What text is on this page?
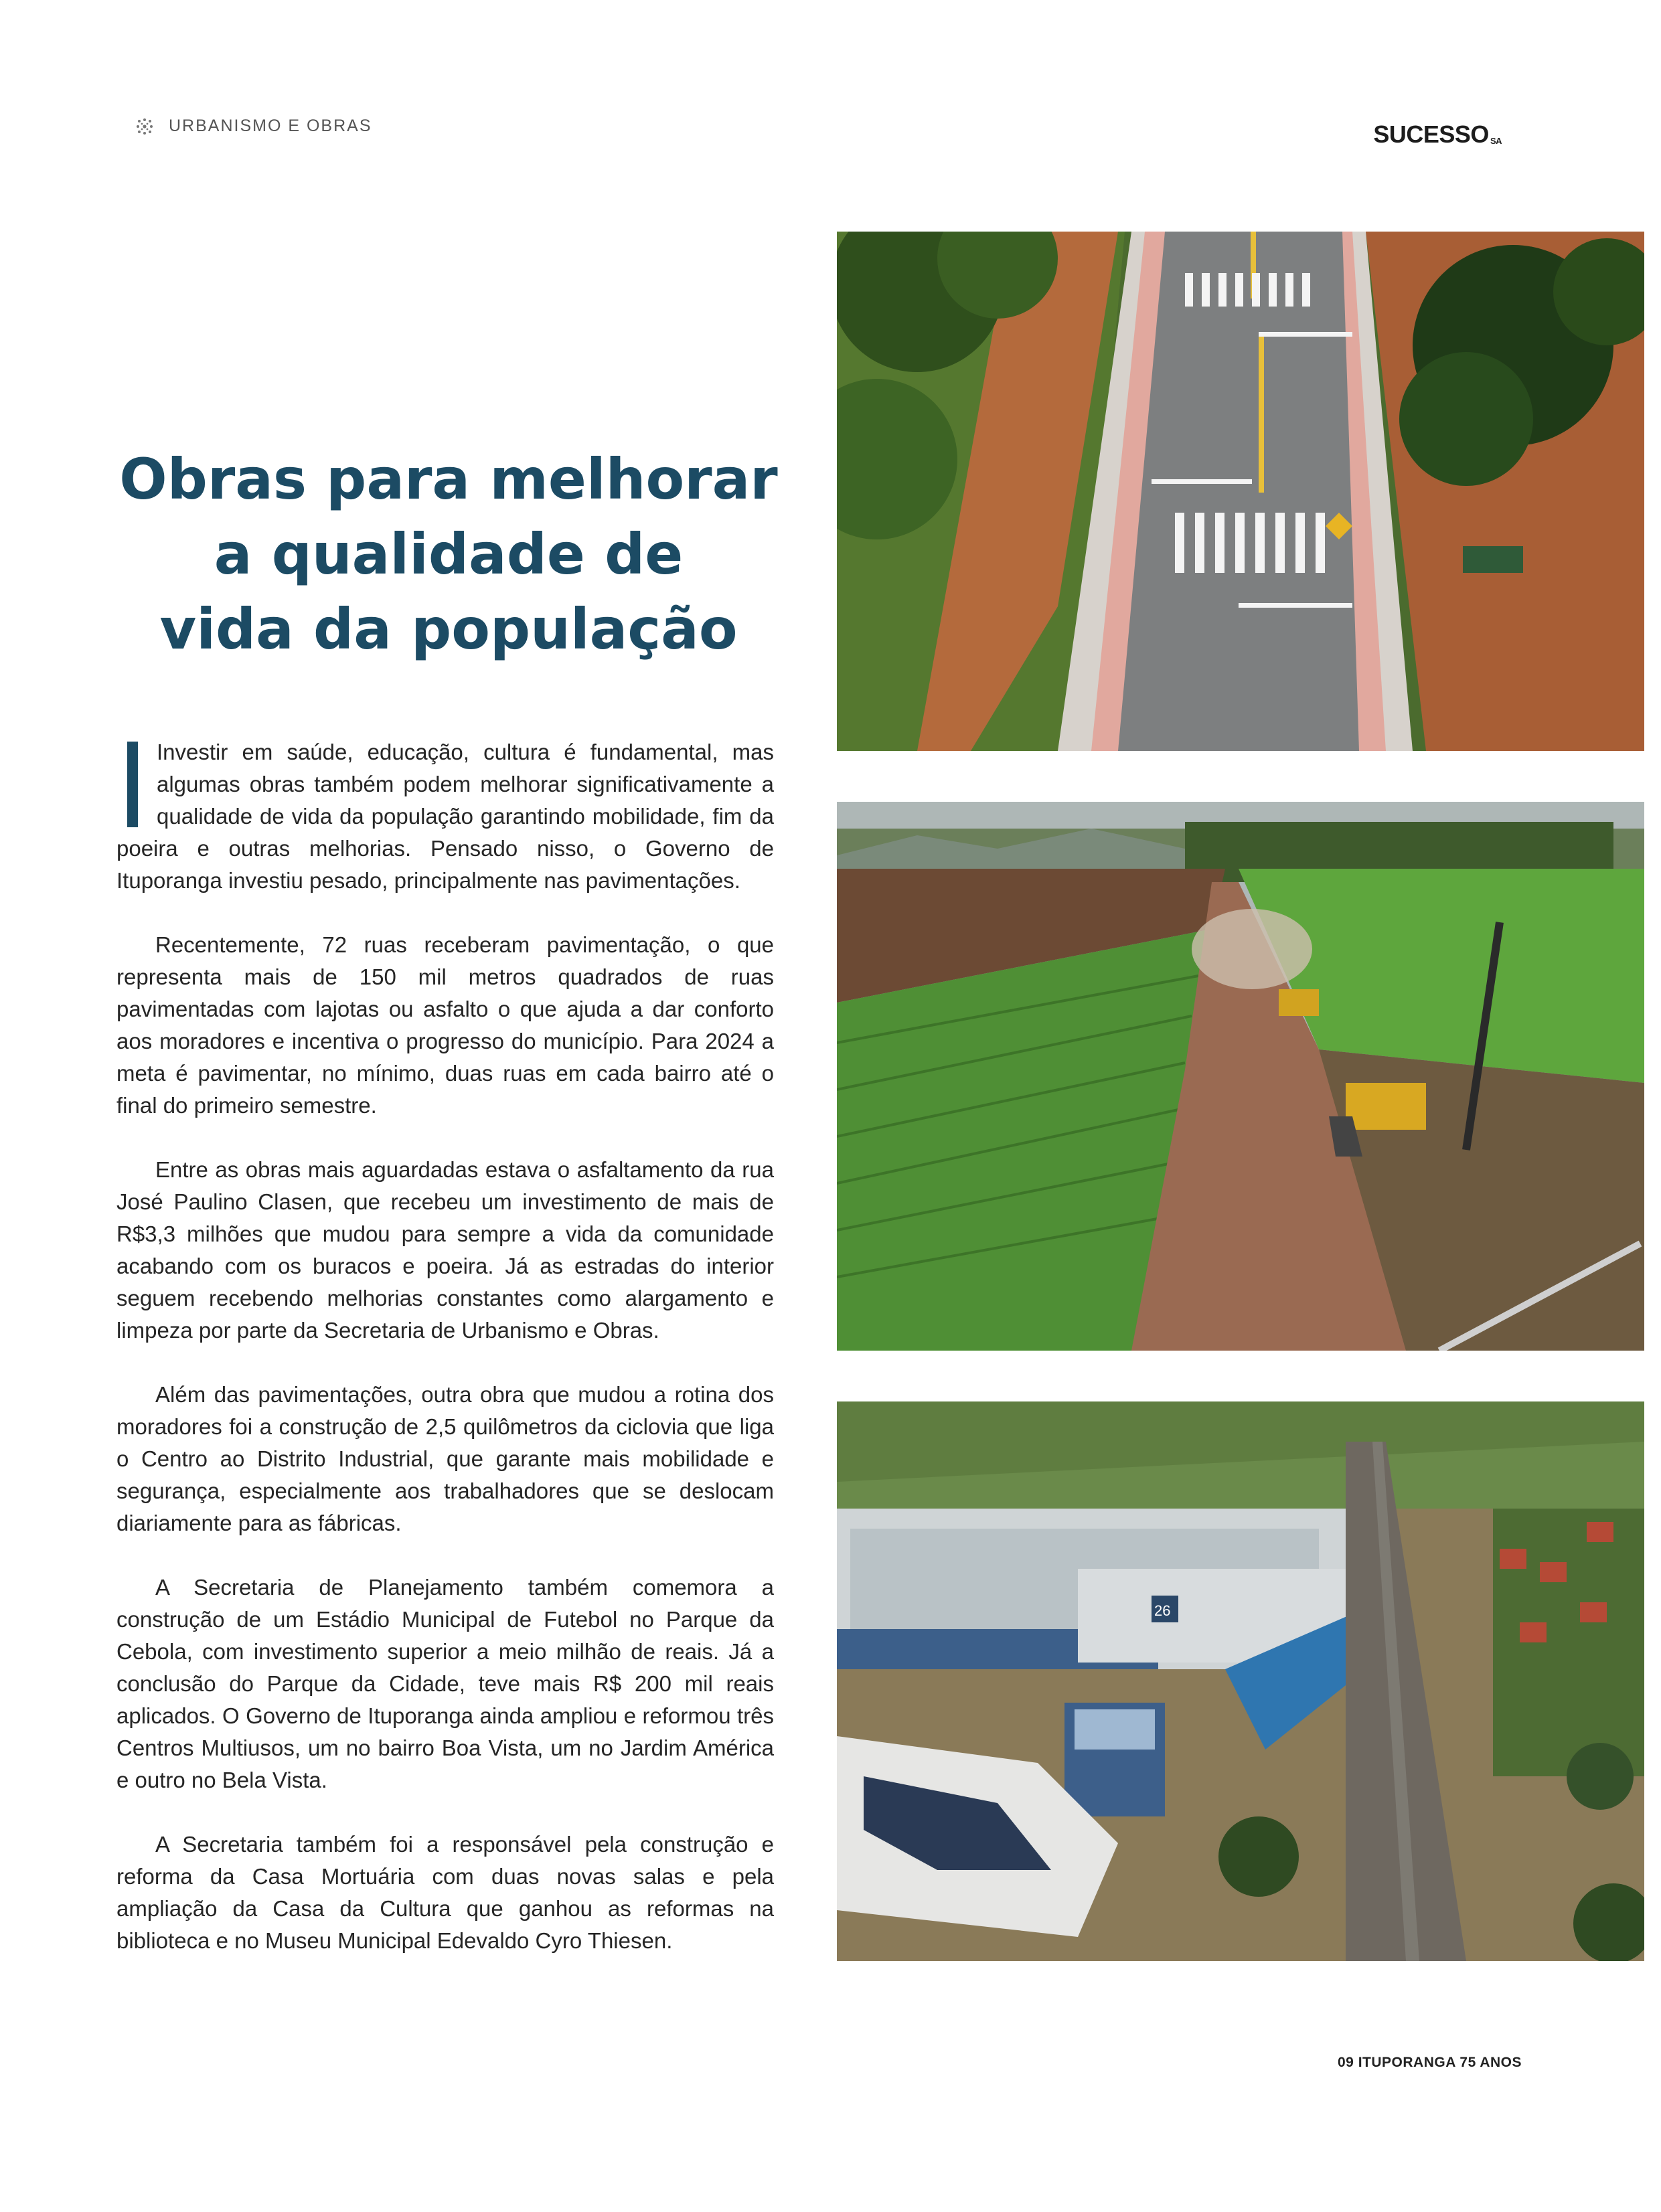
URBANISMO E OBRAS	SUCESSO SA
Obras para melhorar
a qualidade de
vida da população

Investir em saúde, educação, cultura é fundamental, mas algumas obras também podem melhorar significativamente a qualidade de vida da população garantindo mobilidade, fim da poeira e outras melhorias. Pensado nisso, o Governo de Ituporanga investiu pesado, principalmente nas pavimentações.

Recentemente, 72 ruas receberam pavimentação, o que representa mais de 150 mil metros quadrados de ruas pavimentadas com lajotas ou asfalto o que ajuda a dar conforto aos moradores e incentiva o progresso do município. Para 2024 a meta é pavimentar, no mínimo, duas ruas em cada bairro até o final do primeiro semestre.

Entre as obras mais aguardadas estava o asfaltamento da rua José Paulino Clasen, que recebeu um investimento de mais de R$3,3 milhões que mudou para sempre a vida da comunidade acabando com os buracos e poeira. Já as estradas do interior seguem recebendo melhorias constantes como alargamento e limpeza por parte da Secretaria de Urbanismo e Obras.

Além das pavimentações, outra obra que mudou a rotina dos moradores foi a construção de 2,5 quilômetros da ciclovia que liga o Centro ao Distrito Industrial, que garante mais mobilidade e segurança, especialmente aos trabalhadores que se deslocam diariamente para as fábricas.

A Secretaria de Planejamento também comemora a construção de um Estádio Municipal de Futebol no Parque da Cebola, com investimento superior a meio milhão de reais. Já a conclusão do Parque da Cidade, teve mais R$ 200 mil reais aplicados. O Governo de Ituporanga ainda ampliou e reformou três Centros Multiusos, um no bairro Boa Vista, um no Jardim América e outro no Bela Vista.

A Secretaria também foi a responsável pela construção e reforma da Casa Mortuária com duas novas salas e pela ampliação da Casa da Cultura que ganhou as reformas na biblioteca e no Museu Municipal Edevaldo Cyro Thiesen.

26
09 ITUPORANGA 75 ANOS
